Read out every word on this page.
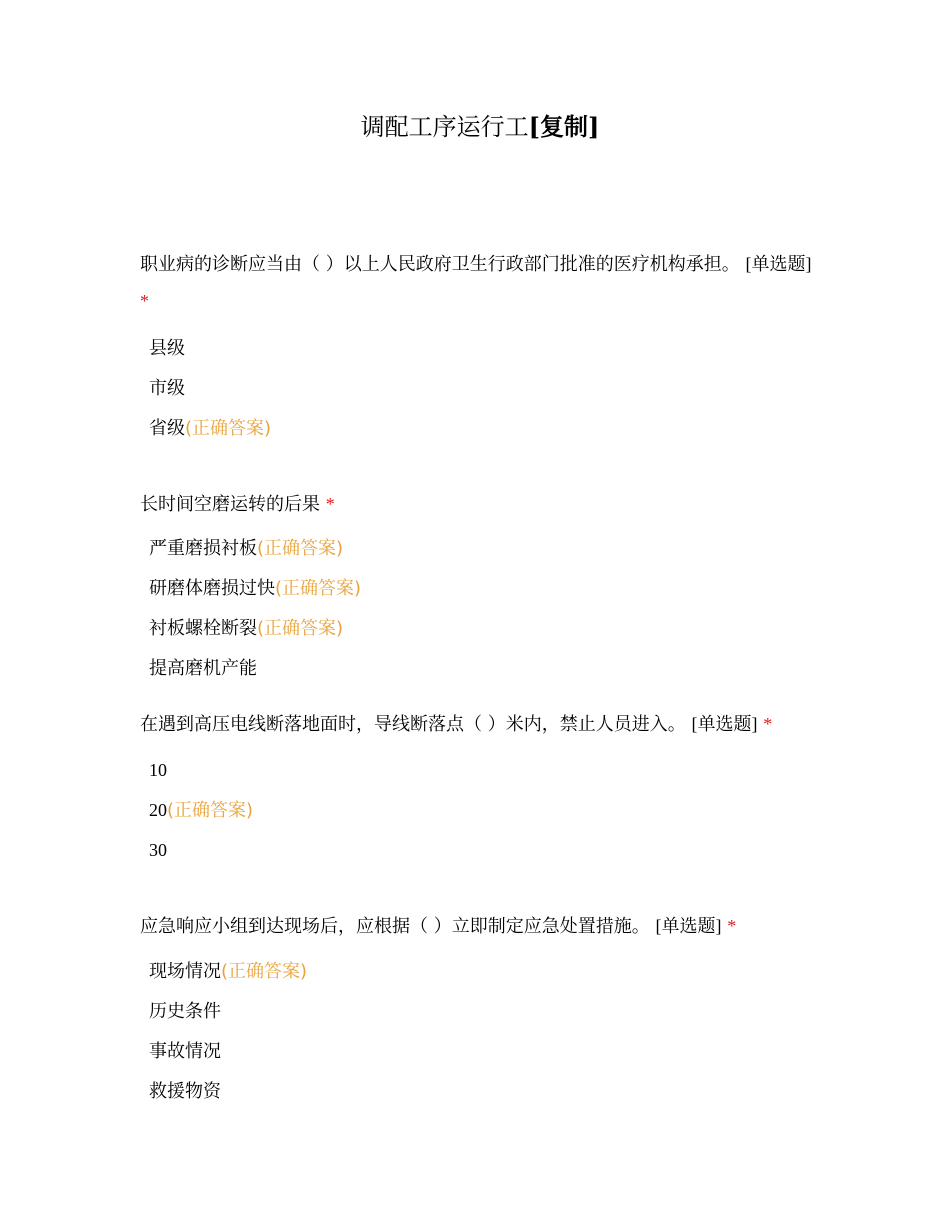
调配工序运行工[复制]

职业病的诊断应当由（ ）以上人民政府卫生行政部门批准的医疗机构承担。 [单选题] *

县级
市级
省级(正确答案)

长时间空磨运转的后果 *

严重磨损衬板(正确答案)
研磨体磨损过快(正确答案)
衬板螺栓断裂(正确答案)
提高磨机产能

在遇到高压电线断落地面时，导线断落点（ ）米内，禁止人员进入。 [单选题] *

10
20(正确答案)
30

应急响应小组到达现场后，应根据（ ）立即制定应急处置措施。 [单选题] *

现场情况(正确答案)
历史条件
事故情况
救援物资
